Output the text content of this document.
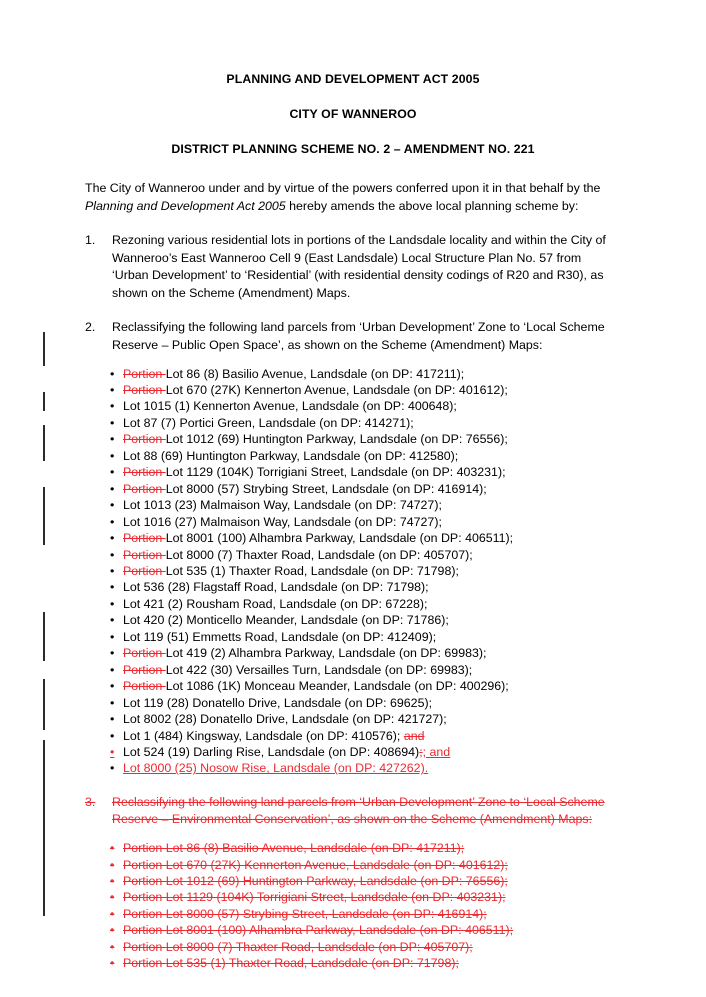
PLANNING AND DEVELOPMENT ACT 2005
CITY OF WANNEROO
DISTRICT PLANNING SCHEME NO. 2 – AMENDMENT NO. 221

The City of Wanneroo under and by virtue of the powers conferred upon it in that behalf by the Planning and Development Act 2005 hereby amends the above local planning scheme by:

1.	Rezoning various residential lots in portions of the Landsdale locality and within the City of Wanneroo’s East Wanneroo Cell 9 (East Landsdale) Local Structure Plan No. 57 from ‘Urban Development’ to ‘Residential’ (with residential density codings of R20 and R30), as shown on the Scheme (Amendment) Maps.
2.	Reclassifying the following land parcels from ‘Urban Development’ Zone to ‘Local Scheme Reserve – Public Open Space’, as shown on the Scheme (Amendment) Maps:
•
Portion Lot 86 (8) Basilio Avenue, Landsdale (on DP: 417211);
•
Portion Lot 670 (27K) Kennerton Avenue, Landsdale (on DP: 401612);
•
Lot 1015 (1) Kennerton Avenue, Landsdale (on DP: 400648);
•
Lot 87 (7) Portici Green, Landsdale (on DP: 414271);
•
Portion Lot 1012 (69) Huntington Parkway, Landsdale (on DP: 76556);
•
Lot 88 (69) Huntington Parkway, Landsdale (on DP: 412580);
•
Portion Lot 1129 (104K) Torrigiani Street, Landsdale (on DP: 403231);
•
Portion Lot 8000 (57) Strybing Street, Landsdale (on DP: 416914);
•
Lot 1013 (23) Malmaison Way, Landsdale (on DP: 74727);
•
Lot 1016 (27) Malmaison Way, Landsdale (on DP: 74727);
•
Portion Lot 8001 (100) Alhambra Parkway, Landsdale (on DP: 406511);
•
Portion Lot 8000 (7) Thaxter Road, Landsdale (on DP: 405707);
•
Portion Lot 535 (1) Thaxter Road, Landsdale (on DP: 71798);
•
Lot 536 (28) Flagstaff Road, Landsdale (on DP: 71798);
•
Lot 421 (2) Rousham Road, Landsdale (on DP: 67228);
•
Lot 420 (2) Monticello Meander, Landsdale (on DP: 71786);
•
Lot 119 (51) Emmetts Road, Landsdale (on DP: 412409);
•
Portion Lot 419 (2) Alhambra Parkway, Landsdale (on DP: 69983);
•
Portion Lot 422 (30) Versailles Turn, Landsdale (on DP: 69983);
•
Portion Lot 1086 (1K) Monceau Meander, Landsdale (on DP: 400296);
•
Lot 119 (28) Donatello Drive, Landsdale (on DP: 69625);
•
Lot 8002 (28) Donatello Drive, Landsdale (on DP: 421727);
•
Lot 1 (484) Kingsway, Landsdale (on DP: 410576); and
•
Lot 524 (19) Darling Rise, Landsdale (on DP: 408694);; and
•
Lot 8000 (25) Nosow Rise, Landsdale (on DP: 427262).
3.	Reclassifying the following land parcels from ‘Urban Development’ Zone to ‘Local Scheme Reserve – Environmental Conservation’, as shown on the Scheme (Amendment) Maps:
•
Portion Lot 86 (8) Basilio Avenue, Landsdale (on DP: 417211);
•
Portion Lot 670 (27K) Kennerton Avenue, Landsdale (on DP: 401612);
•
Portion Lot 1012 (69) Huntington Parkway, Landsdale (on DP: 76556);
•
Portion Lot 1129 (104K) Torrigiani Street, Landsdale (on DP: 403231);
•
Portion Lot 8000 (57) Strybing Street, Landsdale (on DP: 416914);
•
Portion Lot 8001 (100) Alhambra Parkway, Landsdale (on DP: 406511);
•
Portion Lot 8000 (7) Thaxter Road, Landsdale (on DP: 405707);
•
Portion Lot 535 (1) Thaxter Road, Landsdale (on DP: 71798);
